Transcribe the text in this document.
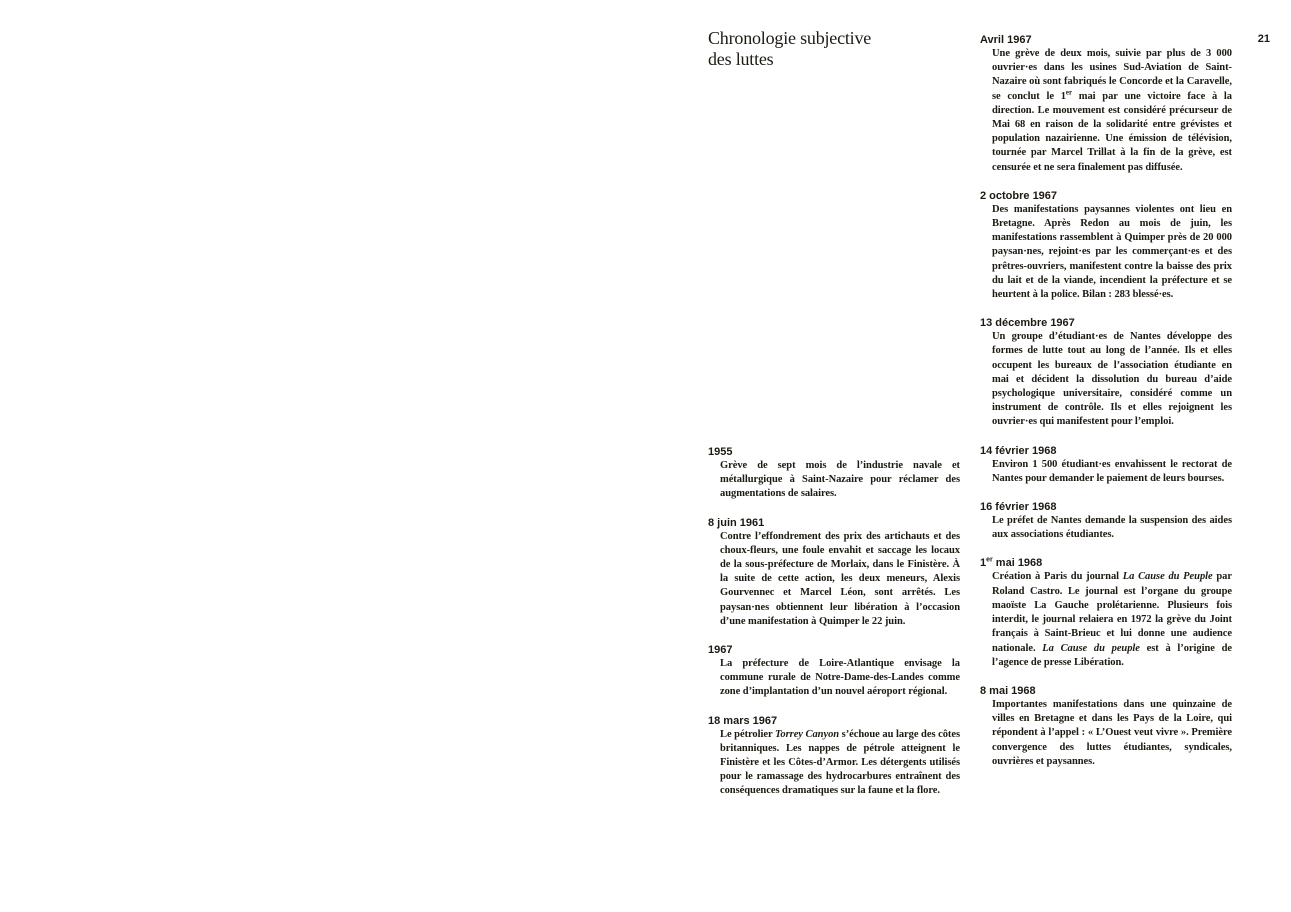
Chronologie subjective
des luttes
21
1955
Grève de sept mois de l’industrie navale et métallurgique à Saint-Nazaire pour réclamer des augmentations de salaires.
8 juin 1961
Contre l’effondrement des prix des artichauts et des choux-fleurs, une foule envahit et saccage les locaux de la sous-préfecture de Morlaix, dans le Finistère. À la suite de cette action, les deux meneurs, Alexis Gourvennec et Marcel Léon, sont arrêtés. Les paysan·nes obtiennent leur libération à l’occasion d’une manifestation à Quimper le 22 juin.
1967
La préfecture de Loire-Atlantique envisage la commune rurale de Notre-Dame-des-Landes comme zone d’implantation d’un nouvel aéroport régional.
18 mars 1967
Le pétrolier Torrey Canyon s’échoue au large des côtes britanniques. Les nappes de pétrole atteignent le Finistère et les Côtes-d’Armor. Les détergents utilisés pour le ramassage des hydrocarbures entraînent des conséquences dramatiques sur la faune et la flore.
Avril 1967
Une grève de deux mois, suivie par plus de 3 000 ouvrier·es dans les usines Sud-Aviation de Saint-Nazaire où sont fabriqués le Concorde et la Caravelle, se conclut le 1er mai par une victoire face à la direction. Le mouvement est considéré précurseur de Mai 68 en raison de la solidarité entre grévistes et population nazairienne. Une émission de télévision, tournée par Marcel Trillat à la fin de la grève, est censurée et ne sera finalement pas diffusée.
2 octobre 1967
Des manifestations paysannes violentes ont lieu en Bretagne. Après Redon au mois de juin, les manifestations rassemblent à Quimper près de 20 000 paysan·nes, rejoint·es par les commerçant·es et des prêtres-ouvriers, manifestent contre la baisse des prix du lait et de la viande, incendient la préfecture et se heurtent à la police. Bilan : 283 blessé·es.
13 décembre 1967
Un groupe d’étudiant·es de Nantes développe des formes de lutte tout au long de l’année. Ils et elles occupent les bureaux de l’association étudiante en mai et décident la dissolution du bureau d’aide psychologique universitaire, considéré comme un instrument de contrôle. Ils et elles rejoignent les ouvrier·es qui manifestent pour l’emploi.
14 février 1968
Environ 1 500 étudiant·es envahissent le rectorat de Nantes pour demander le paiement de leurs bourses.
16 février 1968
Le préfet de Nantes demande la suspension des aides aux associations étudiantes.
1er mai 1968
Création à Paris du journal La Cause du Peuple par Roland Castro. Le journal est l’organe du groupe maoïste La Gauche prolétarienne. Plusieurs fois interdit, le journal relaiera en 1972 la grève du Joint français à Saint-Brieuc et lui donne une audience nationale. La Cause du peuple est à l’origine de l’agence de presse Libération.
8 mai 1968
Importantes manifestations dans une quinzaine de villes en Bretagne et dans les Pays de la Loire, qui répondent à l’appel : « L’Ouest veut vivre ». Première convergence des luttes étudiantes, syndicales, ouvrières et paysannes.
